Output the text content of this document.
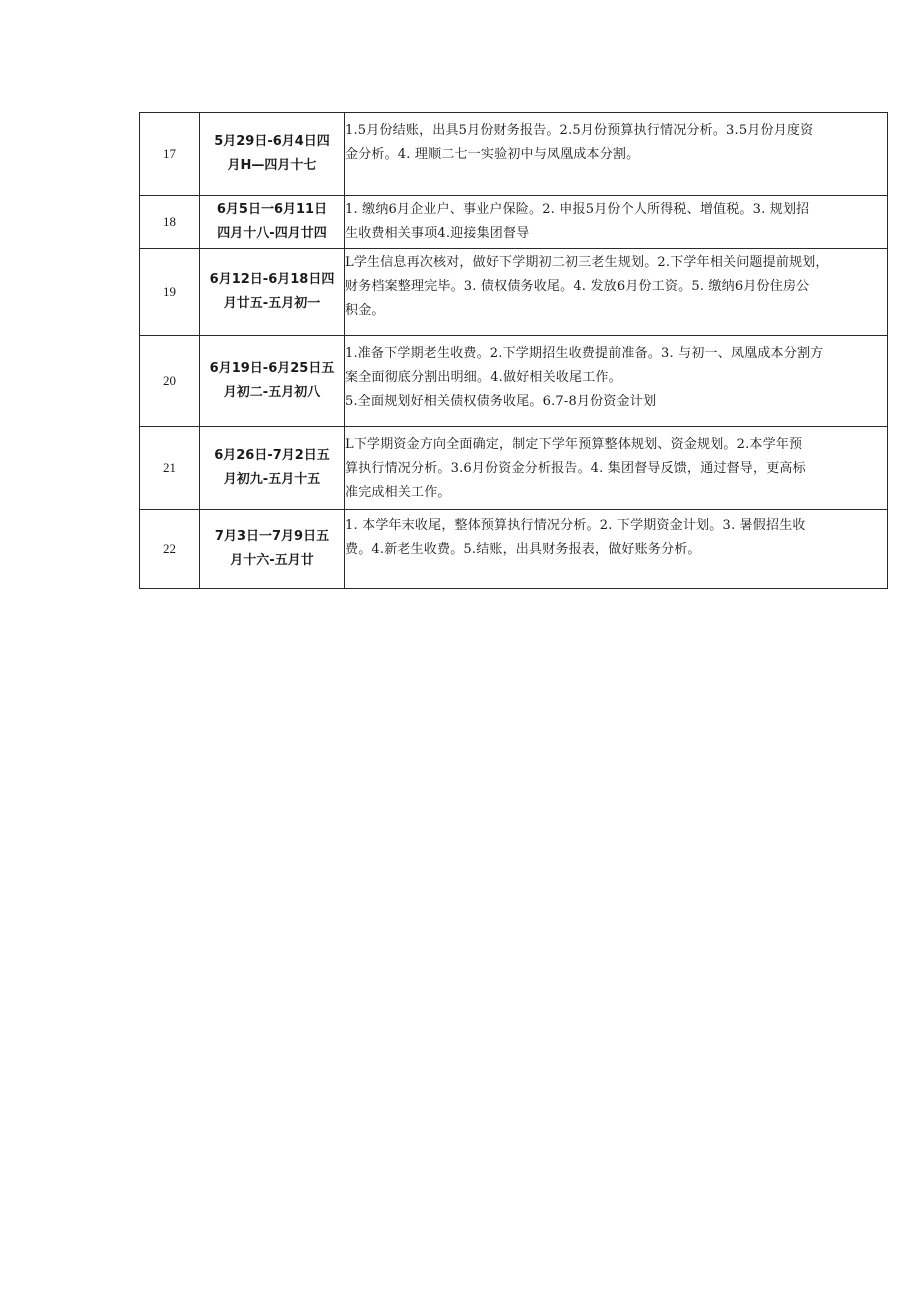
17	5月29日-6月4日四
月H—四月十七	1.5月份结账，出具5月份财务报告。2.5月份预算执行情况分析。3.5月份月度资
金分析。4. 理顺二七一实验初中与凤凰成本分割。

18	6月5日一6月11日
四月十八-四月廿四	1. 缴纳6月企业户、事业户保险。2. 申报5月份个人所得税、增值税。3. 规划招
生收费相关事项4.迎接集团督导

19	6月12日-6月18日四
月廿五-五月初一	L学生信息再次核对，做好下学期初二初三老生规划。2.下学年相关问题提前规划，
财务档案整理完毕。3. 债权债务收尾。4. 发放6月份工资。5. 缴纳6月份住房公
积金。

20	6月19日-6月25日五
月初二-五月初八	1.准备下学期老生收费。2.下学期招生收费提前准备。3. 与初一、凤凰成本分割方
案全面彻底分割出明细。4.做好相关收尾工作。
5.全面规划好相关债权债务收尾。6.7-8月份资金计划

21	6月26日-7月2日五
月初九-五月十五	L下学期资金方向全面确定，制定下学年预算整体规划、资金规划。2.本学年预
算执行情况分析。3.6月份资金分析报告。4. 集团督导反馈，通过督导，更高标
准完成相关工作。

22	7月3日一7月9日五
月十六-五月廿	1. 本学年末收尾，整体预算执行情况分析。2. 下学期资金计划。3. 暑假招生收
费。4.新老生收费。5.结账，出具财务报表，做好账务分析。
